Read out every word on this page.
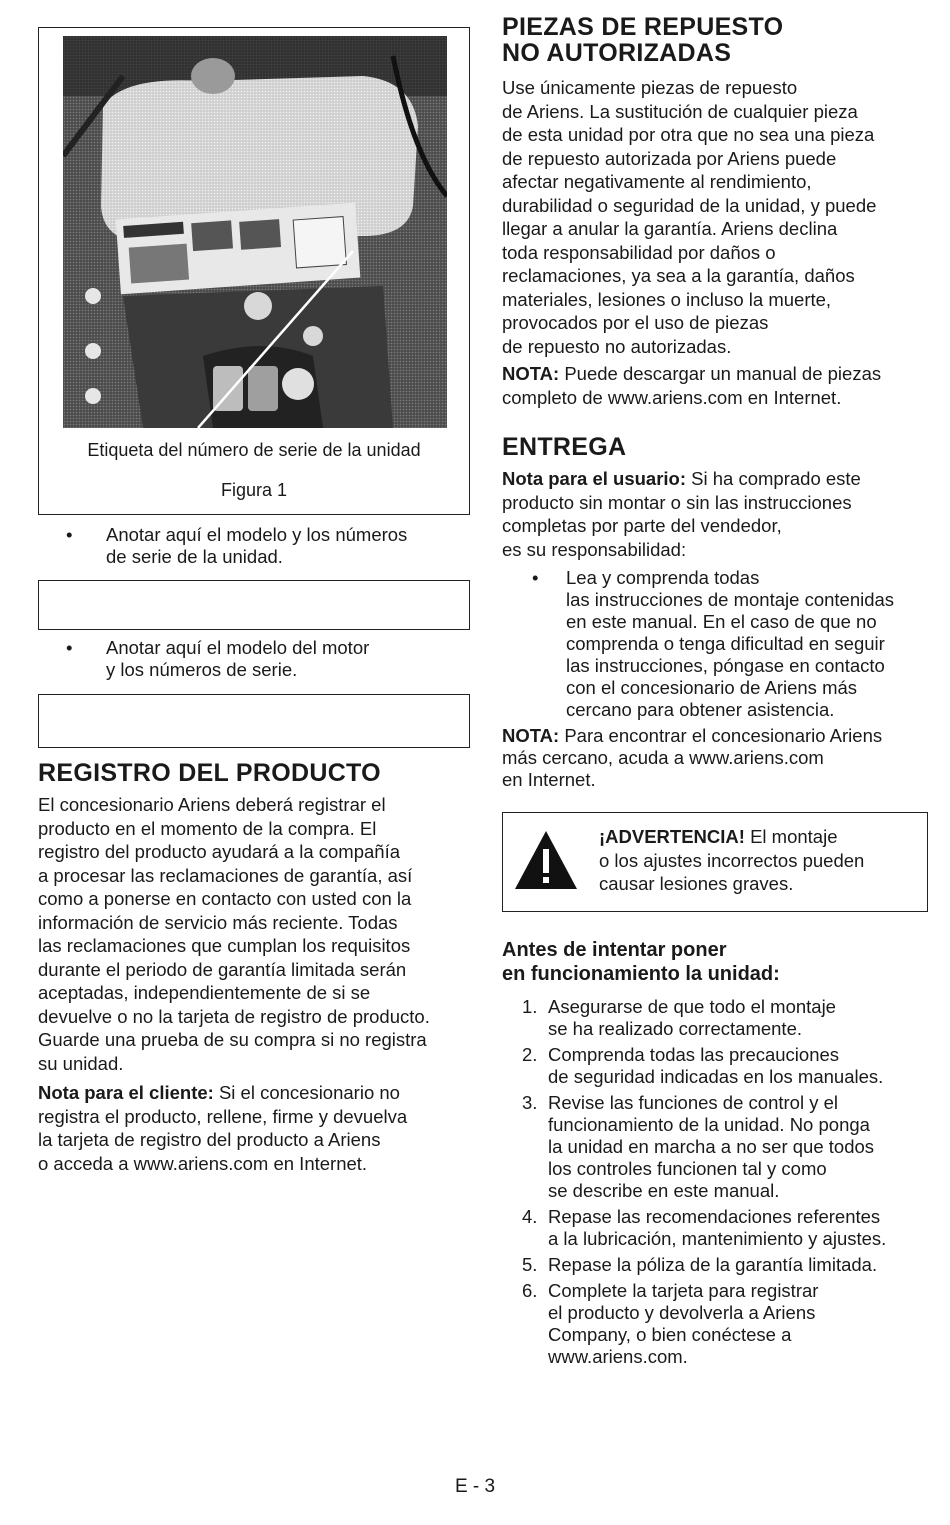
Etiqueta del número de serie de la unidad
Figura 1
• Anotar aquí el modelo y los números
de serie de la unidad.
• Anotar aquí el modelo del motor
y los números de serie.
REGISTRO DEL PRODUCTO

El concesionario Ariens deberá registrar el

producto en el momento de la compra. El

registro del producto ayudará a la compañía

a procesar las reclamaciones de garantía, así

como a ponerse en contacto con usted con la

información de servicio más reciente. Todas

las reclamaciones que cumplan los requisitos

durante el periodo de garantía limitada serán

aceptadas, independientemente de si se

devuelve o no la tarjeta de registro de producto.

Guarde una prueba de su compra si no registra

su unidad.

Nota para el cliente: Si el concesionario no

registra el producto, rellene, firme y devuelva

la tarjeta de registro del producto a Ariens

o acceda a www.ariens.com en Internet.

PIEZAS DE REPUESTO
NO AUTORIZADAS

Use únicamente piezas de repuesto

de Ariens. La sustitución de cualquier pieza

de esta unidad por otra que no sea una pieza

de repuesto autorizada por Ariens puede

afectar negativamente al rendimiento,

durabilidad o seguridad de la unidad, y puede

llegar a anular la garantía. Ariens declina

toda responsabilidad por daños o

reclamaciones, ya sea a la garantía, daños

materiales, lesiones o incluso la muerte,

provocados por el uso de piezas

de repuesto no autorizadas.

NOTA: Puede descargar un manual de piezas

completo de www.ariens.com en Internet.

ENTREGA

Nota para el usuario: Si ha comprado este

producto sin montar o sin las instrucciones

completas por parte del vendedor,

es su responsabilidad:

• Lea y comprenda todas

las instrucciones de montaje contenidas

en este manual. En el caso de que no

comprenda o tenga dificultad en seguir

las instrucciones, póngase en contacto

con el concesionario de Ariens más

cercano para obtener asistencia.

NOTA: Para encontrar el concesionario Ariens

más cercano, acuda a www.ariens.com

en Internet.

¡ADVERTENCIA! El montaje

o los ajustes incorrectos pueden

causar lesiones graves.

Antes de intentar poner
en funcionamiento la unidad:
1. Asegurarse de que todo el montaje
se ha realizado correctamente.
2. Comprenda todas las precauciones
de seguridad indicadas en los manuales.
3. Revise las funciones de control y el
funcionamiento de la unidad. No ponga
la unidad en marcha a no ser que todos
los controles funcionen tal y como
se describe en este manual.
4. Repase las recomendaciones referentes
a la lubricación, mantenimiento y ajustes.
5. Repase la póliza de la garantía limitada.
6. Complete la tarjeta para registrar
el producto y devolverla a Ariens
Company, o bien conéctese a
www.ariens.com.
E - 3
